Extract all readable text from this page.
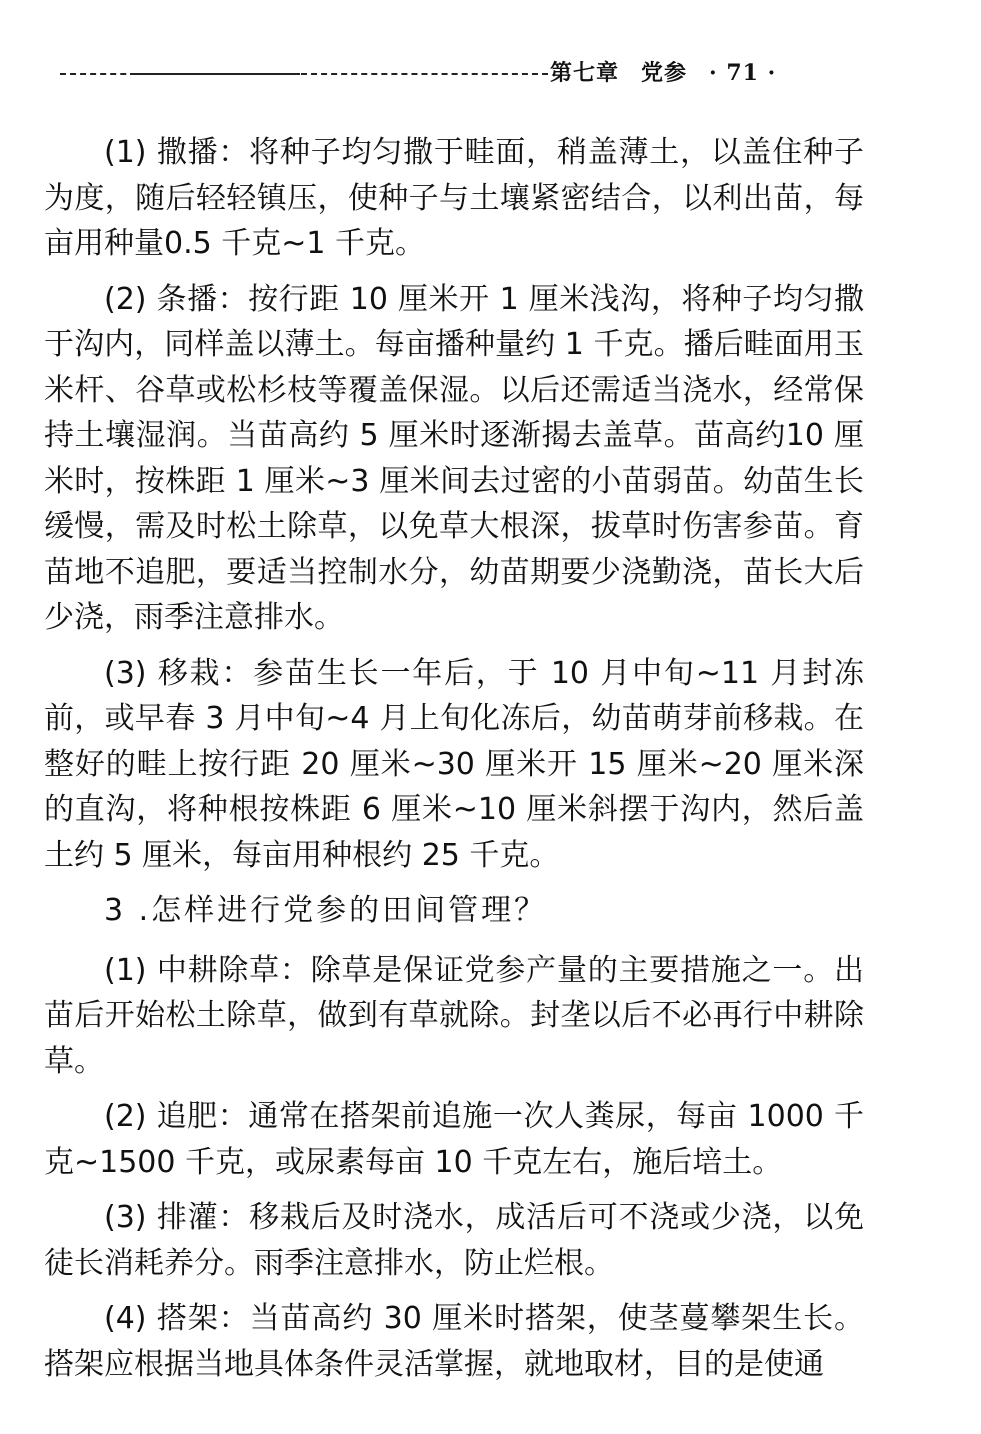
第七章 党参 · 71 ·

(1) 撒播：将种子均匀撒于畦面，稍盖薄土，以盖住种子为度，随后轻轻镇压，使种子与土壤紧密结合，以利出苗，每亩用种量0.5 千克~1 千克。

(2) 条播：按行距 10 厘米开 1 厘米浅沟，将种子均匀撒于沟内，同样盖以薄土。每亩播种量约 1 千克。播后畦面用玉米杆、谷草或松杉枝等覆盖保湿。以后还需适当浇水，经常保持土壤湿润。当苗高约 5 厘米时逐渐揭去盖草。苗高约10 厘米时，按株距 1 厘米~3 厘米间去过密的小苗弱苗。幼苗生长缓慢，需及时松土除草，以免草大根深，拔草时伤害参苗。育苗地不追肥，要适当控制水分，幼苗期要少浇勤浇，苗长大后少浇，雨季注意排水。

(3) 移栽：参苗生长一年后，于 10 月中旬~11 月封冻前，或早春 3 月中旬~4 月上旬化冻后，幼苗萌芽前移栽。在整好的畦上按行距 20 厘米~30 厘米开 15 厘米~20 厘米深的直沟，将种根按株距 6 厘米~10 厘米斜摆于沟内，然后盖土约 5 厘米，每亩用种根约 25 千克。

3 .怎样进行党参的田间管理？

(1) 中耕除草：除草是保证党参产量的主要措施之一。出苗后开始松土除草，做到有草就除。封垄以后不必再行中耕除草。

(2) 追肥：通常在搭架前追施一次人粪尿，每亩 1000 千克~1500 千克，或尿素每亩 10 千克左右，施后培土。

(3) 排灌：移栽后及时浇水，成活后可不浇或少浇，以免徒长消耗养分。雨季注意排水，防止烂根。

(4) 搭架：当苗高约 30 厘米时搭架，使茎蔓攀架生长。搭架应根据当地具体条件灵活掌握，就地取材，目的是使通
